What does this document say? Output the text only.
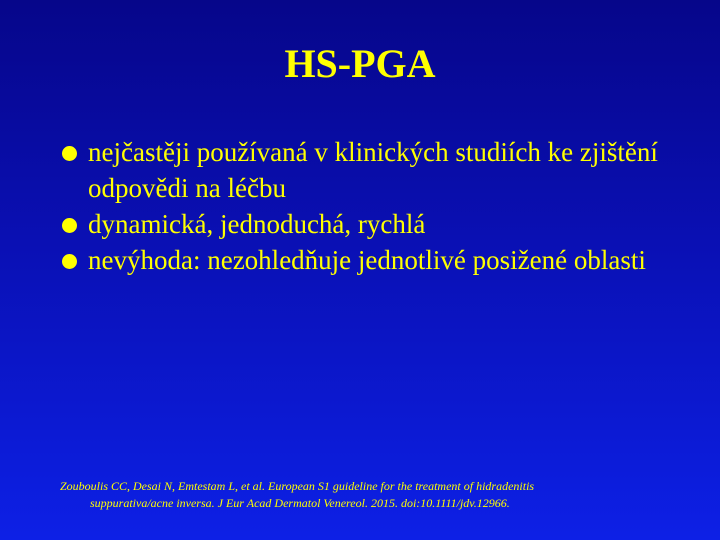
HS-PGA
nejčastěji používaná v klinických studiích ke zjištění odpovědi na léčbu
dynamická, jednoduchá, rychlá
nevýhoda: nezohledňuje jednotlivé posižené oblasti
Zouboulis CC, Desai N, Emtestam L, et al. European S1 guideline for the treatment of hidradenitis
suppurativa/acne inversa. J Eur Acad Dermatol Venereol. 2015. doi:10.1111/jdv.12966.
